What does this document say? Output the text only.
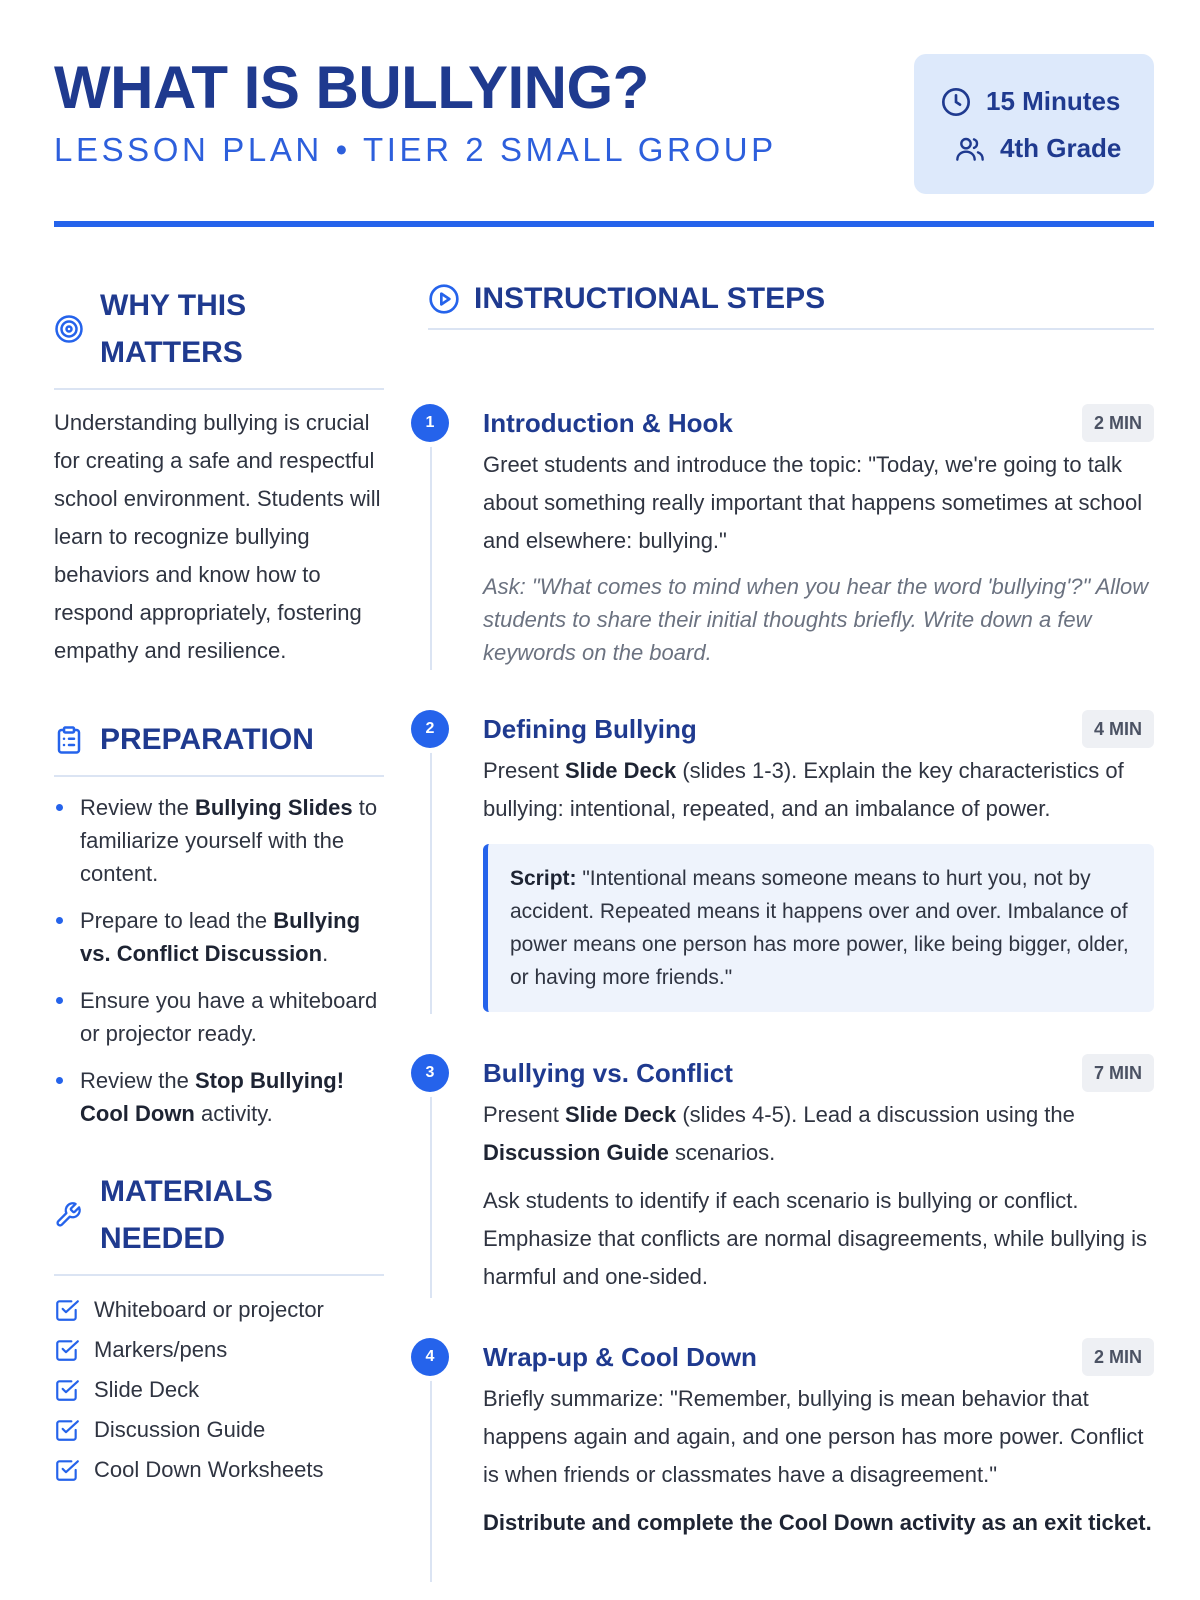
WHAT IS BULLYING?
LESSON PLAN • TIER 2 SMALL GROUP
15 Minutes
4th Grade
WHY THIS
MATTERS

Understanding bullying is crucial for creating a safe and respectful school environment. Students will learn to recognize bullying behaviors and know how to respond appropriately, fostering empathy and resilience.

PREPARATION
Review the Bullying Slides to familiarize yourself with the content.
Prepare to lead the Bullying vs. Conflict Discussion.
Ensure you have a whiteboard or projector ready.
Review the Stop Bullying! Cool Down activity.
MATERIALS
NEEDED
Whiteboard or projector
Markers/pens
Slide Deck
Discussion Guide
Cool Down Worksheets
INSTRUCTIONAL STEPS
1	Introduction & Hook	2 MIN

Greet students and introduce the topic: "Today, we're going to talk about something really important that happens sometimes at school and elsewhere: bullying."

Ask: "What comes to mind when you hear the word 'bullying'?" Allow students to share their initial thoughts briefly. Write down a few keywords on the board.

2	Defining Bullying	4 MIN

Present Slide Deck (slides 1-3). Explain the key characteristics of bullying: intentional, repeated, and an imbalance of power.

Script: "Intentional means someone means to hurt you, not by accident. Repeated means it happens over and over. Imbalance of power means one person has more power, like being bigger, older, or having more friends."
3	Bullying vs. Conflict	7 MIN

Present Slide Deck (slides 4-5). Lead a discussion using the Discussion Guide scenarios.

Ask students to identify if each scenario is bullying or conflict. Emphasize that conflicts are normal disagreements, while bullying is harmful and one-sided.

4	Wrap-up & Cool Down	2 MIN

Briefly summarize: "Remember, bullying is mean behavior that happens again and again, and one person has more power. Conflict is when friends or classmates have a disagreement."

Distribute and complete the Cool Down activity as an exit ticket.
